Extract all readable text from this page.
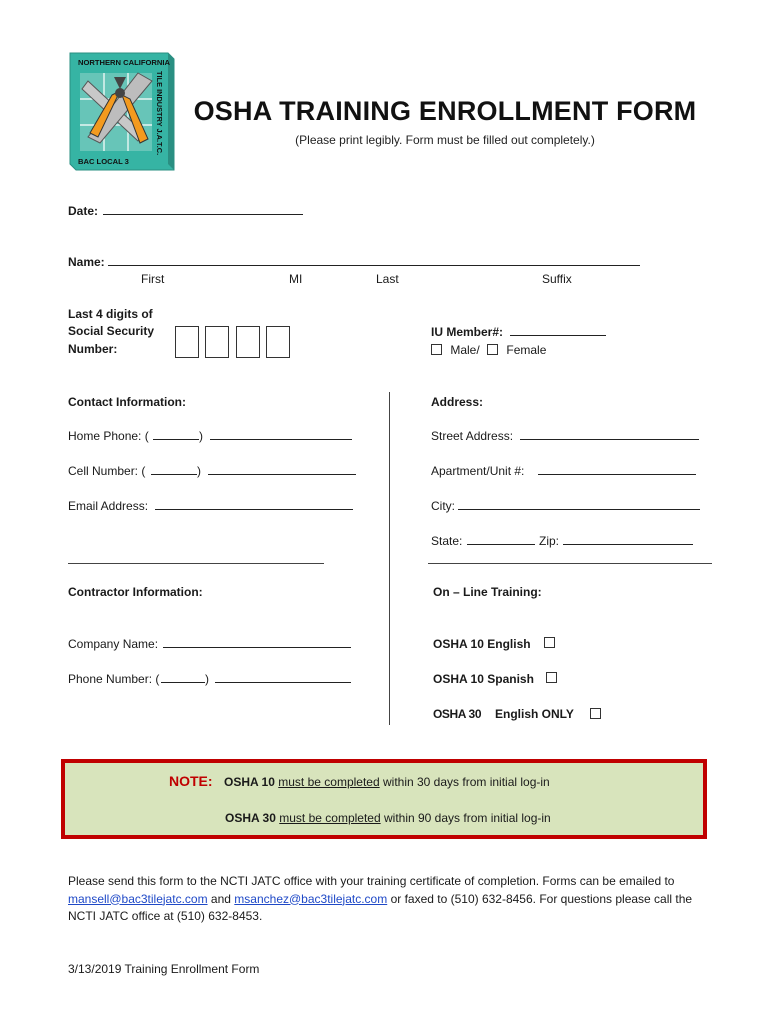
NORTHERN CALIFORNIA
BAC LOCAL 3
TILE INDUSTRY J.A.T.C.	OSHA TRAINING ENROLLMENT FORM
(Please print legibly. Form must be filled out completely.)
Date:
Name:
First	MI	Last	Suffix
Last 4 digits of
Social Security
Number:
IU Member#:
Male/ Female
Contact Information:
Home Phone: (	)
Cell Number: (	)
Email Address:
Address:
Street Address:
Apartment/Unit #:
City:
State:	Zip:
Contractor Information:
Company Name:
Phone Number: (	)
On – Line Training:
OSHA 10 English
OSHA 10 Spanish
OSHA 30 English ONLY
NOTE: OSHA 10 must be completed within 30 days from initial log-in
OSHA 30 must be completed within 90 days from initial log-in
Please send this form to the NCTI JATC office with your training certificate of completion. Forms can be emailed to mansell@bac3tilejatc.com and msanchez@bac3tilejatc.com or faxed to (510) 632-8456. For questions please call the NCTI JATC office at (510) 632-8453.
3/13/2019 Training Enrollment Form
